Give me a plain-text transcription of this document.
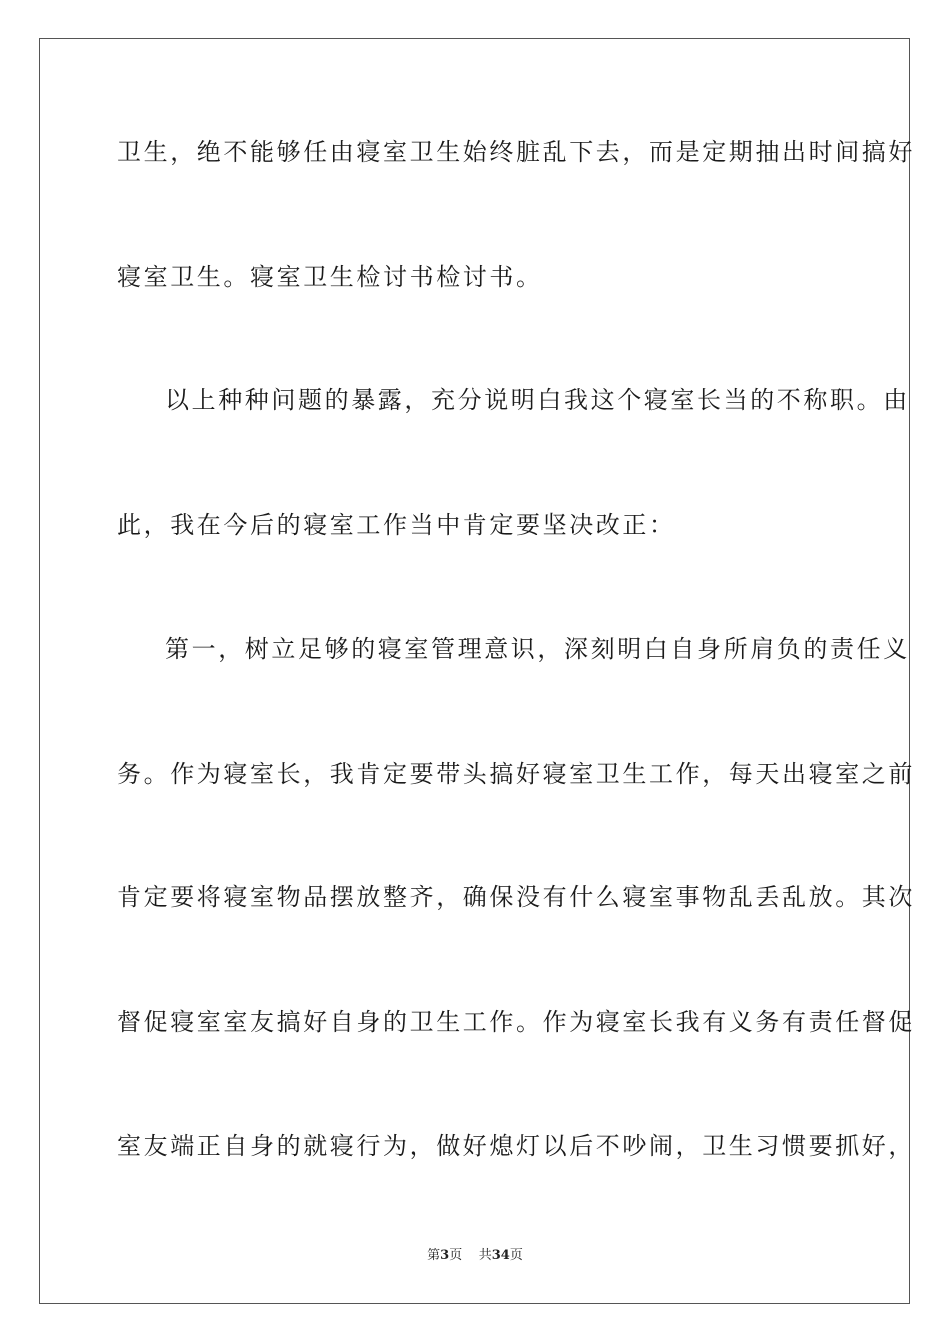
卫生，绝不能够任由寝室卫生始终脏乱下去，而是定期抽出时间搞好
寝室卫生。寝室卫生检讨书检讨书。
以上种种问题的暴露，充分说明白我这个寝室长当的不称职。由
此，我在今后的寝室工作当中肯定要坚决改正：
第一，树立足够的寝室管理意识，深刻明白自身所肩负的责任义
务。作为寝室长，我肯定要带头搞好寝室卫生工作，每天出寝室之前
肯定要将寝室物品摆放整齐，确保没有什么寝室事物乱丢乱放。其次
督促寝室室友搞好自身的卫生工作。作为寝室长我有义务有责任督促
室友端正自身的就寝行为，做好熄灯以后不吵闹，卫生习惯要抓好，
第3页 共34页
